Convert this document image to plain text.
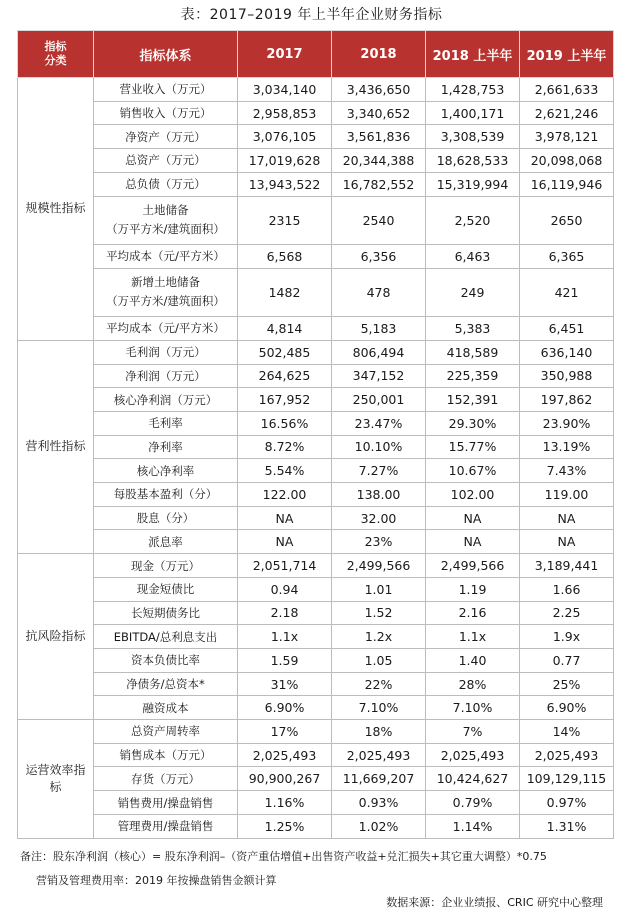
表：2017–2019 年上半年企业财务指标
指标
分类	指标体系	2017	2018	2018 上半年	2019 上半年
规模性指标	营业收入（万元）	3,034,140	3,436,650	1,428,753	2,661,633
	销售收入（万元）	2,958,853	3,340,652	1,400,171	2,621,246
	净资产（万元）	3,076,105	3,561,836	3,308,539	3,978,121
	总资产（万元）	17,019,628	20,344,388	18,628,533	20,098,068
	总负债（万元）	13,943,522	16,782,552	15,319,994	16,119,946
	土地储备
（万平方米/建筑面积）	2315	2540	2,520	2650
	平均成本（元/平方米）	6,568	6,356	6,463	6,365
	新增土地储备
（万平方米/建筑面积）	1482	478	249	421
	平均成本（元/平方米）	4,814	5,183	5,383	6,451
营利性指标	毛利润（万元）	502,485	806,494	418,589	636,140
	净利润（万元）	264,625	347,152	225,359	350,988
	核心净利润（万元）	167,952	250,001	152,391	197,862
	毛利率	16.56%	23.47%	29.30%	23.90%
	净利率	8.72%	10.10%	15.77%	13.19%
	核心净利率	5.54%	7.27%	10.67%	7.43%
	每股基本盈利（分）	122.00	138.00	102.00	119.00
	股息（分）	NA	32.00	NA	NA
	派息率	NA	23%	NA	NA
抗风险指标	现金（万元）	2,051,714	2,499,566	2,499,566	3,189,441
	现金短债比	0.94	1.01	1.19	1.66
	长短期债务比	2.18	1.52	2.16	2.25
	EBITDA/总利息支出	1.1x	1.2x	1.1x	1.9x
	资本负债比率	1.59	1.05	1.40	0.77
	净债务/总资本*	31%	22%	28%	25%
	融资成本	6.90%	7.10%	7.10%	6.90%
运营效率指标	总资产周转率	17%	18%	7%	14%
	销售成本（万元）	2,025,493	2,025,493	2,025,493	2,025,493
	存货（万元）	90,900,267	11,669,207	10,424,627	109,129,115
	销售费用/操盘销售	1.16%	0.93%	0.79%	0.97%
	管理费用/操盘销售	1.25%	1.02%	1.14%	1.31%
备注：股东净利润（核心）= 股东净利润–（资产重估增值+出售资产收益+兑汇损失+其它重大调整）*0.75
营销及管理费用率：2019 年按操盘销售金额计算
数据来源：企业业绩报、CRIC 研究中心整理
